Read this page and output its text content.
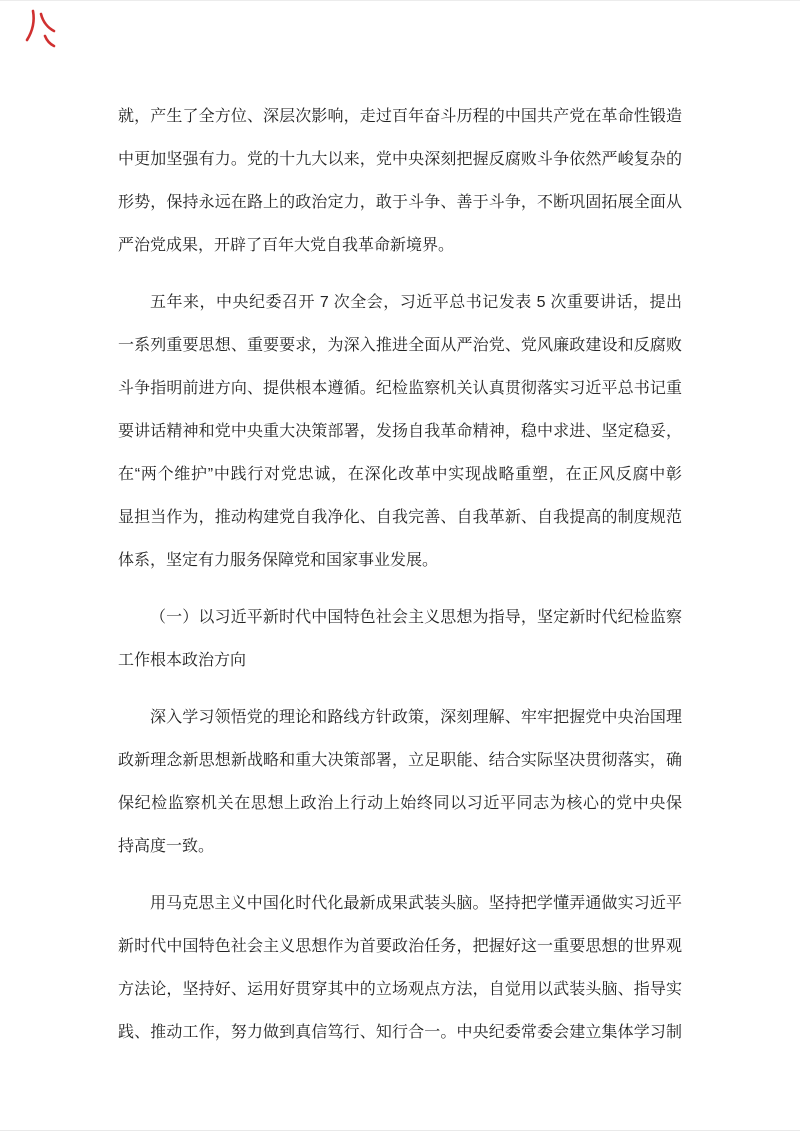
就，产生了全方位、深层次影响，走过百年奋斗历程的中国共产党在革命性锻造
中更加坚强有力。党的十九大以来，党中央深刻把握反腐败斗争依然严峻复杂的
形势，保持永远在路上的政治定力，敢于斗争、善于斗争，不断巩固拓展全面从
严治党成果，开辟了百年大党自我革命新境界。
五年来，中央纪委召开 7 次全会，习近平总书记发表 5 次重要讲话，提出
一系列重要思想、重要要求，为深入推进全面从严治党、党风廉政建设和反腐败
斗争指明前进方向、提供根本遵循。纪检监察机关认真贯彻落实习近平总书记重
要讲话精神和党中央重大决策部署，发扬自我革命精神，稳中求进、坚定稳妥，
在“两个维护”中践行对党忠诚，在深化改革中实现战略重塑，在正风反腐中彰
显担当作为，推动构建党自我净化、自我完善、自我革新、自我提高的制度规范
体系，坚定有力服务保障党和国家事业发展。
（一）以习近平新时代中国特色社会主义思想为指导，坚定新时代纪检监察
工作根本政治方向
深入学习领悟党的理论和路线方针政策，深刻理解、牢牢把握党中央治国理
政新理念新思想新战略和重大决策部署，立足职能、结合实际坚决贯彻落实，确
保纪检监察机关在思想上政治上行动上始终同以习近平同志为核心的党中央保
持高度一致。
用马克思主义中国化时代化最新成果武装头脑。坚持把学懂弄通做实习近平
新时代中国特色社会主义思想作为首要政治任务，把握好这一重要思想的世界观
方法论，坚持好、运用好贯穿其中的立场观点方法，自觉用以武装头脑、指导实
践、推动工作，努力做到真信笃行、知行合一。中央纪委常委会建立集体学习制
